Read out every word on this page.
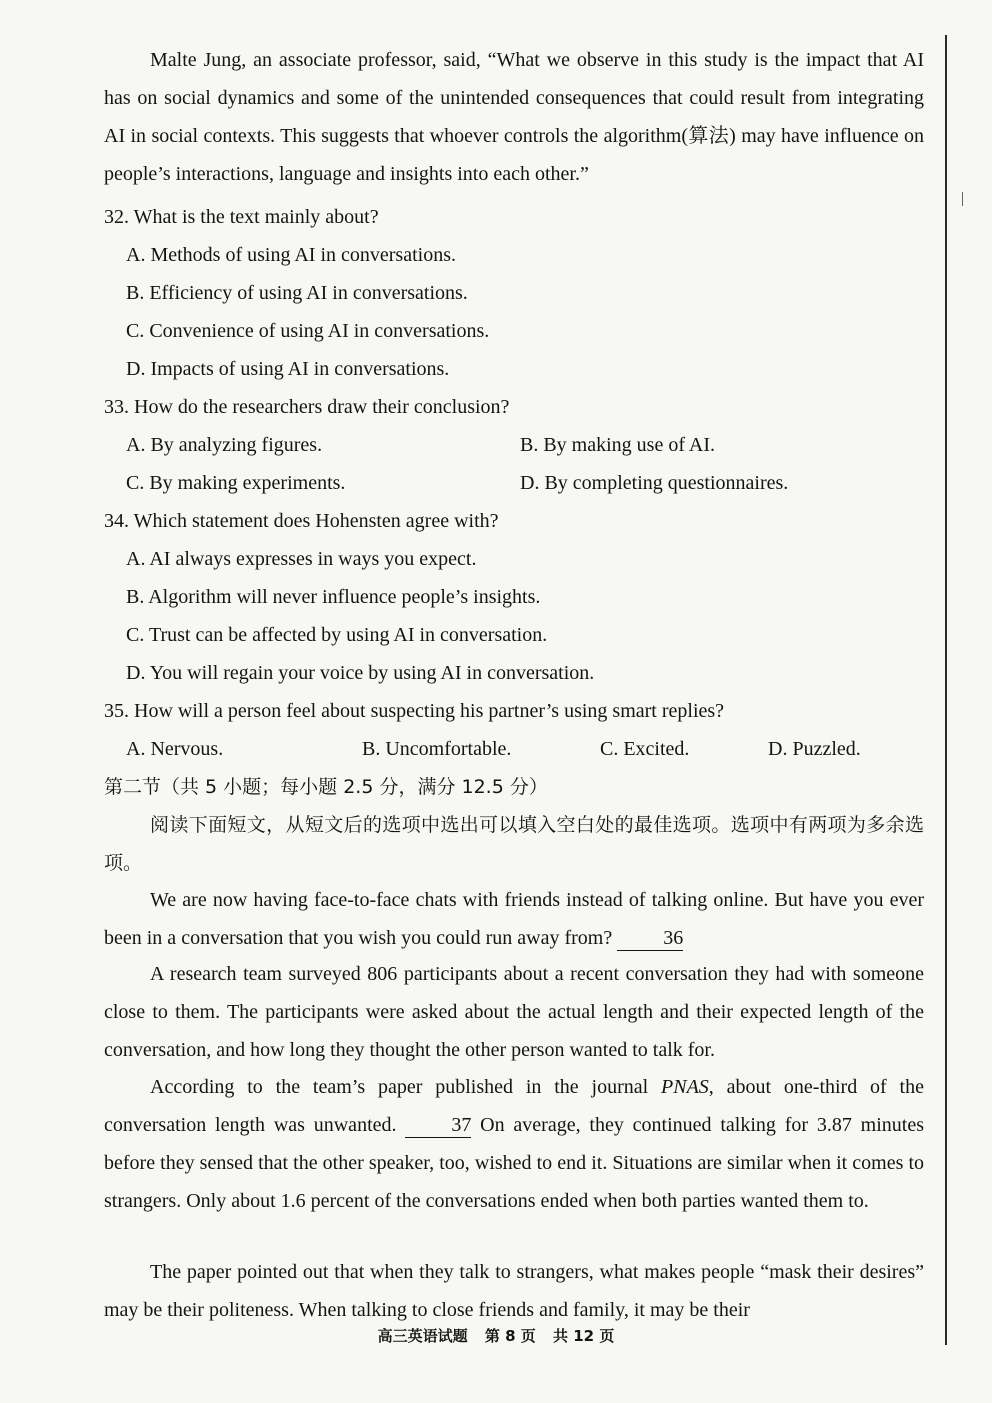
Malte Jung, an associate professor, said, “What we observe in this study is the impact that AI has on social dynamics and some of the unintended consequences that could result from integrating AI in social contexts. This suggests that whoever controls the algorithm(算法) may have influence on people’s interactions, language and insights into each other.”

32. What is the text mainly about?

A. Methods of using AI in conversations.
B. Efficiency of using AI in conversations.
C. Convenience of using AI in conversations.
D. Impacts of using AI in conversations.

33. How do the researchers draw their conclusion?

A. By analyzing figures.	B. By making use of AI.
C. By making experiments.	D. By completing questionnaires.

34. Which statement does Hohensten agree with?

A. AI always expresses in ways you expect.
B. Algorithm will never influence people’s insights.
C. Trust can be affected by using AI in conversation.
D. You will regain your voice by using AI in conversation.

35. How will a person feel about suspecting his partner’s using smart replies?

A. Nervous.	B. Uncomfortable.	C. Excited.	D. Puzzled.

第二节（共 5 小题；每小题 2.5 分，满分 12.5 分）

阅读下面短文，从短文后的选项中选出可以填入空白处的最佳选项。选项中有两项为多余选项。

We are now having face-to-face chats with friends instead of talking online. But have you ever been in a conversation that you wish you could run away from?	36

A research team surveyed 806 participants about a recent conversation they had with someone close to them. The participants were asked about the actual length and their expected length of the conversation, and how long they thought the other person wanted to talk for.

According to the team’s paper published in the journal PNAS, about one-third of the conversation length was unwanted.	37 On average, they continued talking for 3.87 minutes before they sensed that the other speaker, too, wished to end it. Situations are similar when it comes to strangers. Only about 1.6 percent of the conversations ended when both parties wanted them to.

The paper pointed out that when they talk to strangers, what makes people “mask their desires” may be their politeness. When talking to close friends and family, it may be their

高三英语试题 第 8 页 共 12 页
